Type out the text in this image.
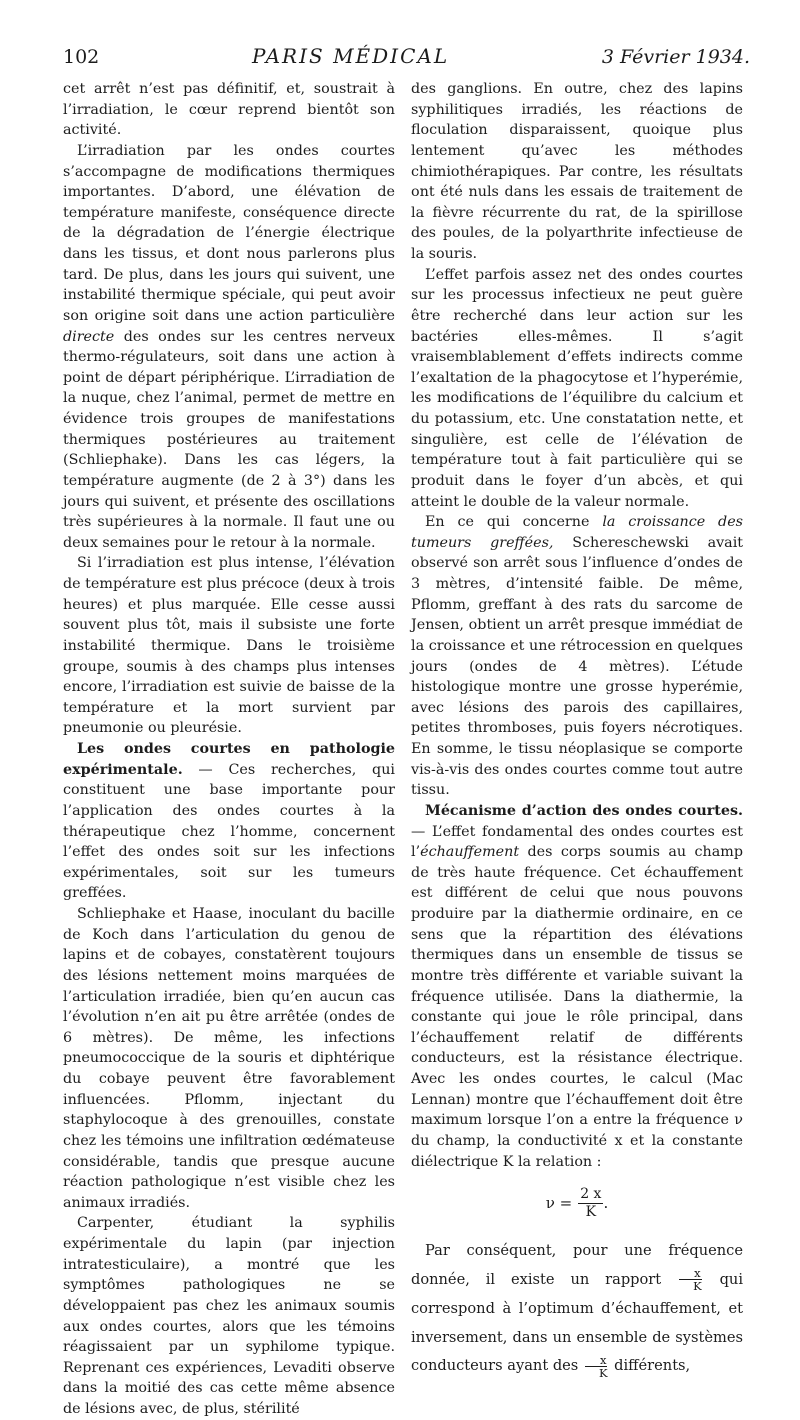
102	PARIS MÉDICAL	3 Février 1934.

cet arrêt n’est pas définitif, et, soustrait à l’irradiation, le cœur reprend bientôt son activité.

L’irradiation par les ondes courtes s’accompagne de modifications thermiques importantes. D’abord, une élévation de température manifeste, conséquence directe de la dégradation de l’énergie électrique dans les tissus, et dont nous parlerons plus tard. De plus, dans les jours qui suivent, une instabilité thermique spéciale, qui peut avoir son origine soit dans une action particulière directe des ondes sur les centres nerveux thermo-régulateurs, soit dans une action à point de départ périphérique. L’irradiation de la nuque, chez l’animal, permet de mettre en évidence trois groupes de manifestations thermiques postérieures au traitement (Schliephake). Dans les cas légers, la température augmente (de 2 à 3°) dans les jours qui suivent, et présente des oscillations très supérieures à la normale. Il faut une ou deux semaines pour le retour à la normale.

Si l’irradiation est plus intense, l’élévation de température est plus précoce (deux à trois heures) et plus marquée. Elle cesse aussi souvent plus tôt, mais il subsiste une forte instabilité thermique. Dans le troisième groupe, soumis à des champs plus intenses encore, l’irradiation est suivie de baisse de la température et la mort survient par pneumonie ou pleurésie.

Les ondes courtes en pathologie expérimentale. — Ces recherches, qui constituent une base importante pour l’application des ondes courtes à la thérapeutique chez l’homme, concernent l’effet des ondes soit sur les infections expérimentales, soit sur les tumeurs greffées.

Schliephake et Haase, inoculant du bacille de Koch dans l’articulation du genou de lapins et de cobayes, constatèrent toujours des lésions nettement moins marquées de l’articulation irradiée, bien qu’en aucun cas l’évolution n’en ait pu être arrêtée (ondes de 6 mètres). De même, les infections pneumococcique de la souris et diphtérique du cobaye peuvent être favorablement influencées. Pflomm, injectant du staphylocoque à des grenouilles, constate chez les témoins une infiltration œdémateuse considérable, tandis que presque aucune réaction pathologique n’est visible chez les animaux irradiés.

Carpenter, étudiant la syphilis expérimentale du lapin (par injection intratesticulaire), a montré que les symptômes pathologiques ne se développaient pas chez les animaux soumis aux ondes courtes, alors que les témoins réagissaient par un syphilome typique. Reprenant ces expériences, Levaditi observe dans la moitié des cas cette même absence de lésions avec, de plus, stérilité

des ganglions. En outre, chez des lapins syphilitiques irradiés, les réactions de floculation disparaissent, quoique plus lentement qu’avec les méthodes chimiothérapiques. Par contre, les résultats ont été nuls dans les essais de traitement de la fièvre récurrente du rat, de la spirillose des poules, de la polyarthrite infectieuse de la souris.

L’effet parfois assez net des ondes courtes sur les processus infectieux ne peut guère être recherché dans leur action sur les bactéries elles-mêmes. Il s’agit vraisemblablement d’effets indirects comme l’exaltation de la phagocytose et l’hyperémie, les modifications de l’équilibre du calcium et du potassium, etc. Une constatation nette, et singulière, est celle de l’élévation de température tout à fait particulière qui se produit dans le foyer d’un abcès, et qui atteint le double de la valeur normale.

En ce qui concerne la croissance des tumeurs greffées, Schereschewski avait observé son arrêt sous l’influence d’ondes de 3 mètres, d’intensité faible. De même, Pflomm, greffant à des rats du sarcome de Jensen, obtient un arrêt presque immédiat de la croissance et une rétrocession en quelques jours (ondes de 4 mètres). L’étude histologique montre une grosse hyperémie, avec lésions des parois des capillaires, petites thromboses, puis foyers nécrotiques. En somme, le tissu néoplasique se comporte vis-à-vis des ondes courtes comme tout autre tissu.

Mécanisme d’action des ondes courtes. — L’effet fondamental des ondes courtes est l’échauffement des corps soumis au champ de très haute fréquence. Cet échauffement est différent de celui que nous pouvons produire par la diathermie ordinaire, en ce sens que la répartition des élévations thermiques dans un ensemble de tissus se montre très différente et variable suivant la fréquence utilisée. Dans la diathermie, la constante qui joue le rôle principal, dans l’échauffement relatif de différents conducteurs, est la résistance électrique. Avec les ondes courtes, le calcul (Mac Lennan) montre que l’échauffement doit être maximum lorsque l’on a entre la fréquence ν du champ, la conductivité x et la constante diélectrique K la relation :

$\nu = \frac{2 x}{K}$ .

Par conséquent, pour une fréquence donnée, il existe un rapport $\frac{x}{K}$ qui correspond à l’optimum d’échauffement, et inversement, dans un ensemble de systèmes conducteurs ayant des $\frac{x}{K}$ différents,
